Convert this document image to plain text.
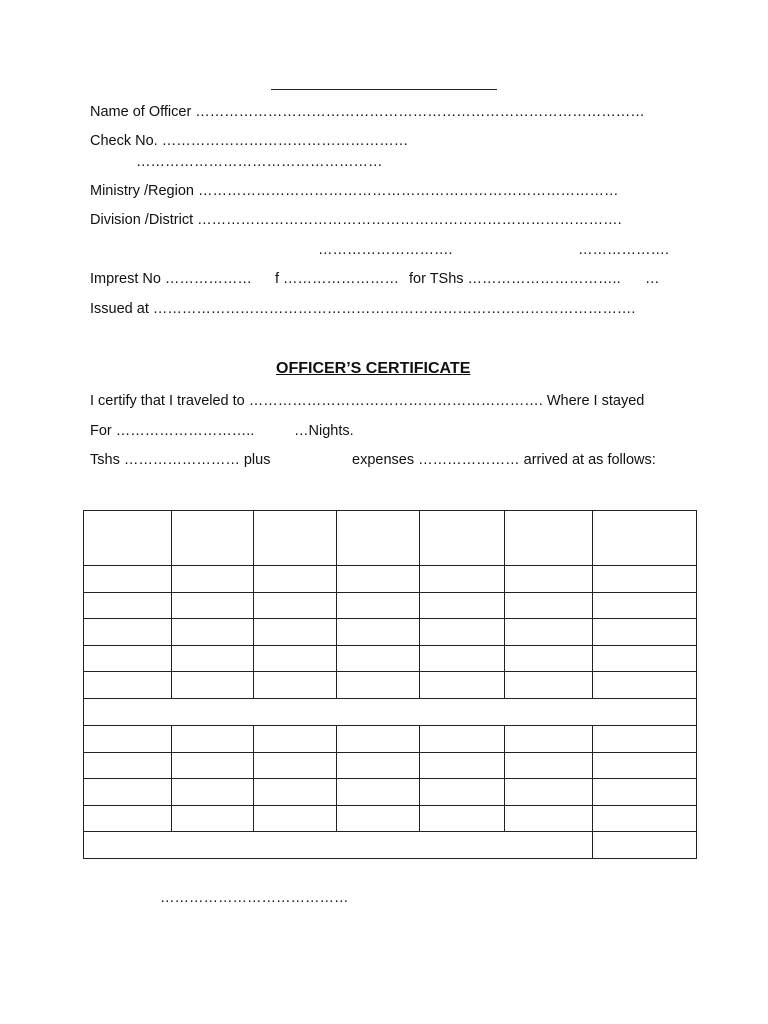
Name of Officer …………………………………………………………………………………
Check No. ……………………………………………
……………………………………………
Ministry /Region ……………………………………………………………………………
Division /District …………………………………………………………………………….
……………………….	……………….
Imprest No ……………… f …………………… for TShs ………………………….. …
Issued at ……………………………………………………………………………………….
OFFICER’S CERTIFICATE
I certify that I traveled to ……………………………………………………. Where I stayed
For ………………………..	…Nights.
Tshs …………………… plus	expenses ………………… arrived at as follows:

…………………………………
